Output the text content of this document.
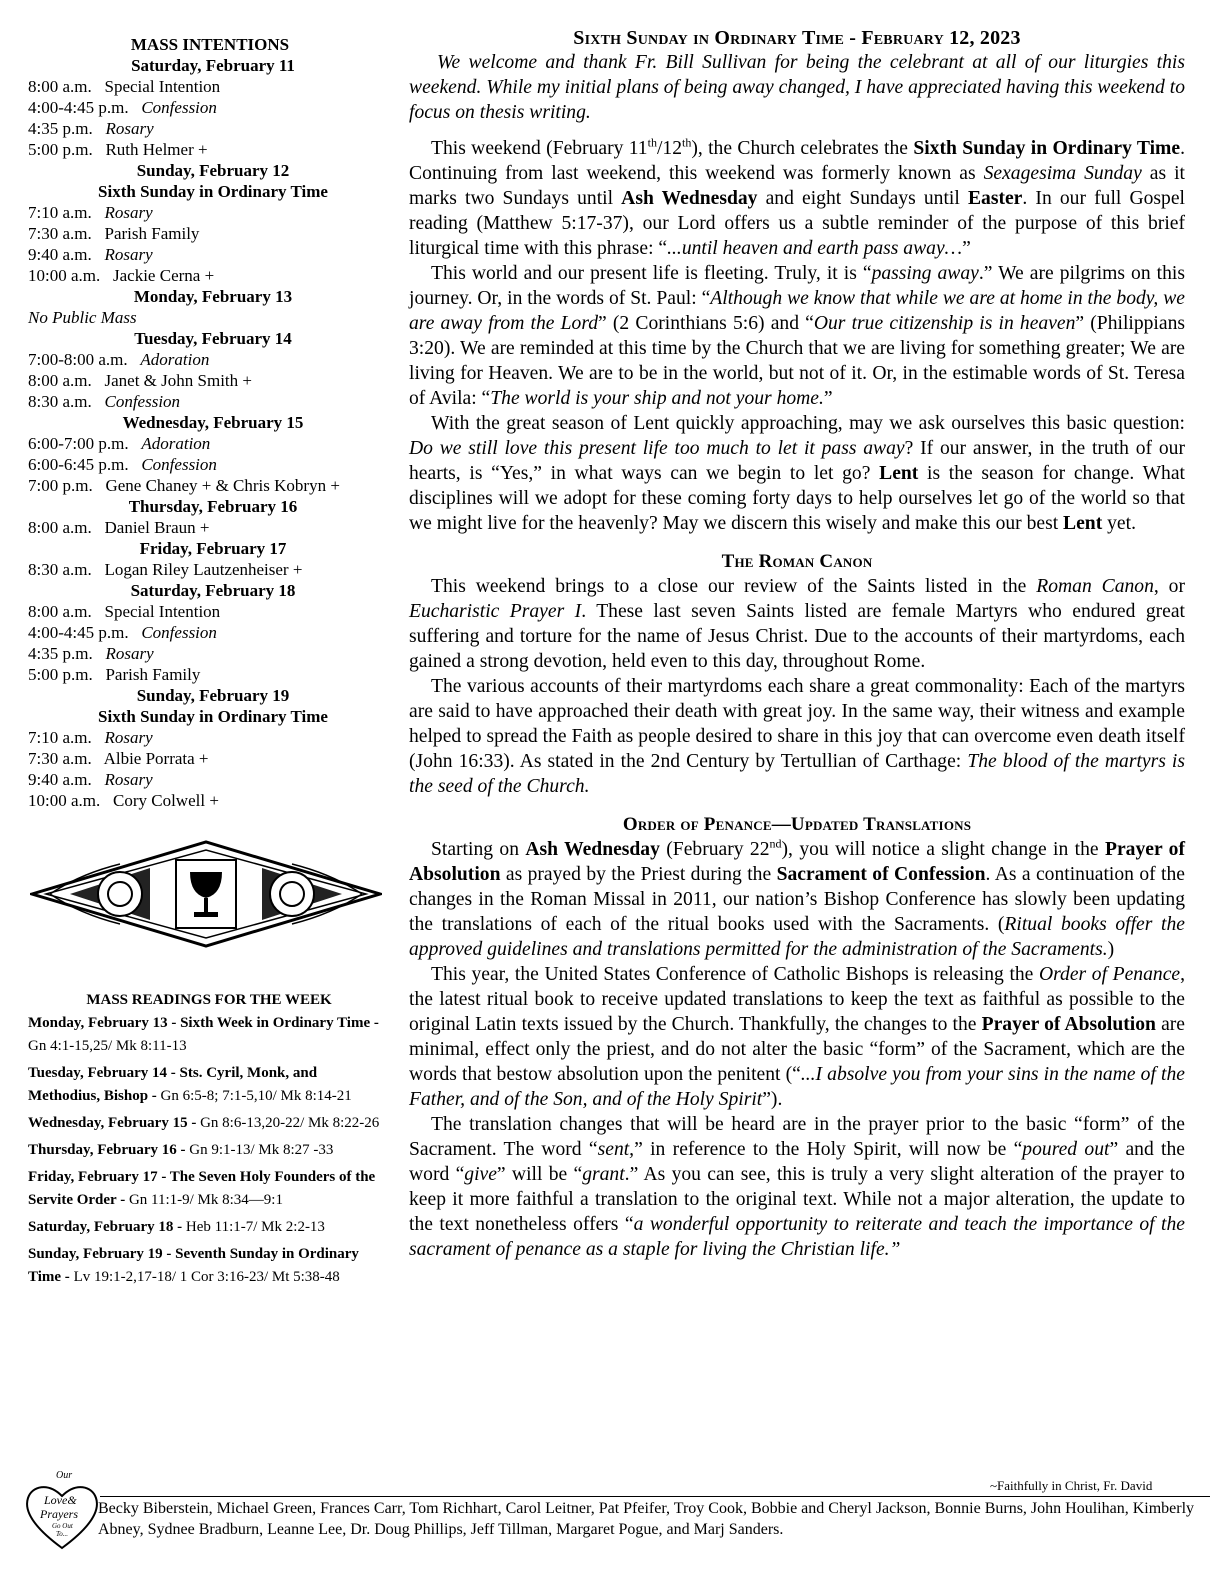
MASS INTENTIONS
Saturday, February 11
8:00 a.m. Special Intention
4:00-4:45 p.m. Confession
4:35 p.m. Rosary
5:00 p.m. Ruth Helmer +
Sunday, February 12
Sixth Sunday in Ordinary Time
7:10 a.m. Rosary
7:30 a.m. Parish Family
9:40 a.m. Rosary
10:00 a.m. Jackie Cerna +
Monday, February 13
No Public Mass
Tuesday, February 14
7:00-8:00 a.m. Adoration
8:00 a.m. Janet & John Smith +
8:30 a.m. Confession
Wednesday, February 15
6:00-7:00 p.m. Adoration
6:00-6:45 p.m. Confession
7:00 p.m. Gene Chaney + & Chris Kobryn +
Thursday, February 16
8:00 a.m. Daniel Braun +
Friday, February 17
8:30 a.m. Logan Riley Lautzenheiser +
Saturday, February 18
8:00 a.m. Special Intention
4:00-4:45 p.m. Confession
4:35 p.m. Rosary
5:00 p.m. Parish Family
Sunday, February 19
Sixth Sunday in Ordinary Time
7:10 a.m. Rosary
7:30 a.m. Albie Porrata +
9:40 a.m. Rosary
10:00 a.m. Cory Colwell +
MASS READINGS FOR THE WEEK
Monday, February 13 - Sixth Week in Ordinary Time - Gn 4:1-15,25/ Mk 8:11-13
Tuesday, February 14 - Sts. Cyril, Monk, and Methodius, Bishop - Gn 6:5-8; 7:1-5,10/ Mk 8:14-21
Wednesday, February 15 - Gn 8:6-13,20-22/ Mk 8:22-26
Thursday, February 16 - Gn 9:1-13/ Mk 8:27 -33
Friday, February 17 - The Seven Holy Founders of the Servite Order - Gn 11:1-9/ Mk 8:34—9:1
Saturday, February 18 - Heb 11:1-7/ Mk 2:2-13
Sunday, February 19 - Seventh Sunday in Ordinary Time - Lv 19:1-2,17-18/ 1 Cor 3:16-23/ Mt 5:38-48
Sixth Sunday in Ordinary Time - February 12, 2023

We welcome and thank Fr. Bill Sullivan for being the celebrant at all of our liturgies this weekend. While my initial plans of being away changed, I have appreciated having this weekend to focus on thesis writing.

This weekend (February 11th/12th), the Church celebrates the Sixth Sunday in Ordinary Time. Continuing from last weekend, this weekend was formerly known as Sexagesima Sunday as it marks two Sundays until Ash Wednesday and eight Sundays until Easter. In our full Gospel reading (Matthew 5:17-37), our Lord offers us a subtle reminder of the purpose of this brief liturgical time with this phrase: “...until heaven and earth pass away…”

This world and our present life is fleeting. Truly, it is “passing away.” We are pilgrims on this journey. Or, in the words of St. Paul: “Although we know that while we are at home in the body, we are away from the Lord” (2 Corinthians 5:6) and “Our true citizenship is in heaven” (Philippians 3:20). We are reminded at this time by the Church that we are living for something greater; We are living for Heaven. We are to be in the world, but not of it. Or, in the estimable words of St. Teresa of Avila: “The world is your ship and not your home.”

With the great season of Lent quickly approaching, may we ask ourselves this basic question: Do we still love this present life too much to let it pass away? If our answer, in the truth of our hearts, is “Yes,” in what ways can we begin to let go? Lent is the season for change. What disciplines will we adopt for these coming forty days to help ourselves let go of the world so that we might live for the heavenly? May we discern this wisely and make this our best Lent yet.

The Roman Canon

This weekend brings to a close our review of the Saints listed in the Roman Canon, or Eucharistic Prayer I. These last seven Saints listed are female Martyrs who endured great suffering and torture for the name of Jesus Christ. Due to the accounts of their martyrdoms, each gained a strong devotion, held even to this day, throughout Rome.

The various accounts of their martyrdoms each share a great commonality: Each of the martyrs are said to have approached their death with great joy. In the same way, their witness and example helped to spread the Faith as people desired to share in this joy that can overcome even death itself (John 16:33). As stated in the 2nd Century by Tertullian of Carthage: The blood of the martyrs is the seed of the Church.

Order of Penance—Updated Translations

Starting on Ash Wednesday (February 22nd), you will notice a slight change in the Prayer of Absolution as prayed by the Priest during the Sacrament of Confession. As a continuation of the changes in the Roman Missal in 2011, our nation’s Bishop Conference has slowly been updating the translations of each of the ritual books used with the Sacraments. (Ritual books offer the approved guidelines and translations permitted for the administration of the Sacraments.)

This year, the United States Conference of Catholic Bishops is releasing the Order of Penance, the latest ritual book to receive updated translations to keep the text as faithful as possible to the original Latin texts issued by the Church. Thankfully, the changes to the Prayer of Absolution are minimal, effect only the priest, and do not alter the basic “form” of the Sacrament, which are the words that bestow absolution upon the penitent (“...I absolve you from your sins in the name of the Father, and of the Son, and of the Holy Spirit”).

The translation changes that will be heard are in the prayer prior to the basic “form” of the Sacrament. The word “sent,” in reference to the Holy Spirit, will now be “poured out” and the word “give” will be “grant.” As you can see, this is truly a very slight alteration of the prayer to keep it more faithful a translation to the original text. While not a major alteration, the update to the text nonetheless offers “a wonderful opportunity to reiterate and teach the importance of the sacrament of penance as a staple for living the Christian life.”

~Faithfully in Christ, Fr. David
Our
Love&
Prayers
Go Out
To...
Becky Biberstein, Michael Green, Frances Carr, Tom Richhart, Carol Leitner, Pat Pfeifer, Troy Cook, Bobbie and Cheryl Jackson, Bonnie Burns, John Houlihan, Kimberly Abney, Sydnee Bradburn, Leanne Lee, Dr. Doug Phillips, Jeff Tillman, Margaret Pogue, and Marj Sanders.
